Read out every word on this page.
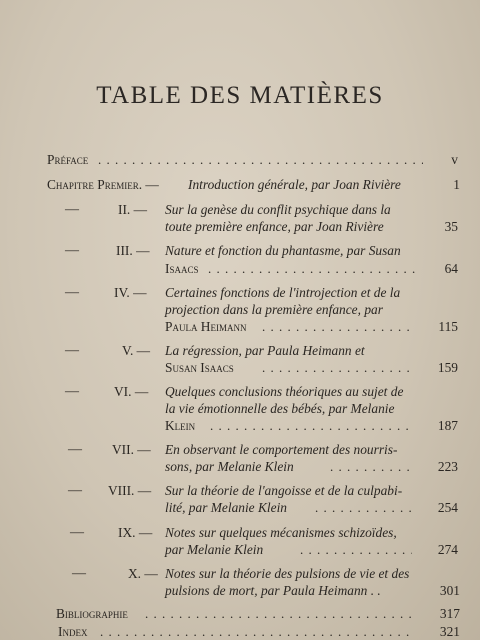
TABLE DES MATIÈRES
Préface . . .	v
Chapitre Premier. — Introduction générale, par Joan Rivière	1
—	II. — Sur la genèse du conflit psychique dans la
toute première enfance, par Joan Rivière	35
—	III. — Nature et fonction du phantasme, par Susan
Isaacs . . .	64
—	IV. — Certaines fonctions de l'introjection et de la
projection dans la première enfance, par
Paula Heimann . . .	115
—	V. — La régression, par Paula Heimann et
Susan Isaacs . . .	159
—	VI. — Quelques conclusions théoriques au sujet de
la vie émotionnelle des bébés, par Melanie
Klein . . .	187
— VII. — En observant le comportement des nourris-
sons, par Melanie Klein . . .	223
— VIII. — Sur la théorie de l'angoisse et de la culpabi-
lité, par Melanie Klein . . .	254
—	IX. — Notes sur quelques mécanismes schizoïdes,
par Melanie Klein . . .	274
—	X. — Notes sur la théorie des pulsions de vie et des
pulsions de mort, par Paula Heimann . .	301
Bibliographie . . .	317
Index . . .	321
